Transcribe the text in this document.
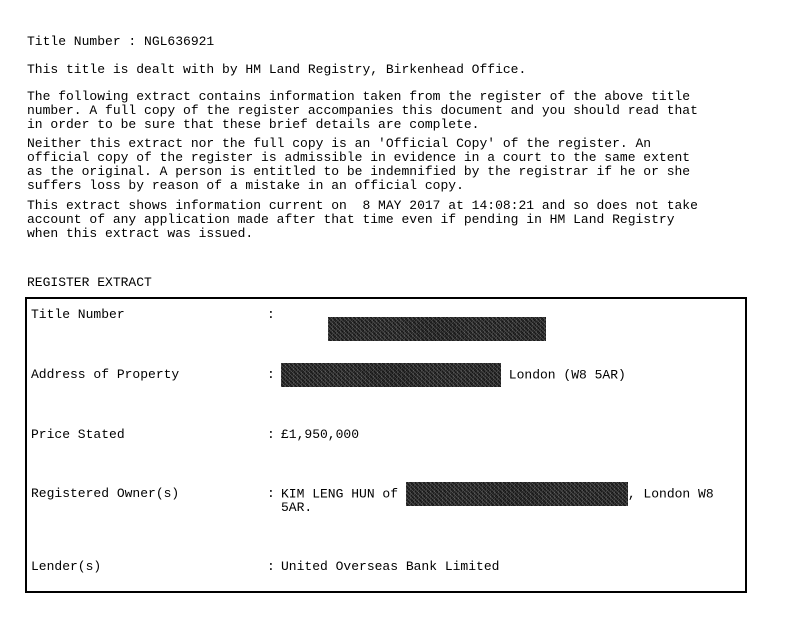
Title Number : NGL636921
This title is dealt with by HM Land Registry, Birkenhead Office.
The following extract contains information taken from the register of the above title
number. A full copy of the register accompanies this document and you should read that
in order to be sure that these brief details are complete.
Neither this extract nor the full copy is an 'Official Copy' of the register. An
official copy of the register is admissible in evidence in a court to the same extent
as the original. A person is entitled to be indemnified by the registrar if he or she
suffers loss by reason of a mistake in an official copy.
This extract shows information current on  8 MAY 2017 at 14:08:21 and so does not take
account of any application made after that time even if pending in HM Land Registry
when this extract was issued.
REGISTER EXTRACT
Title Number	:

Address of Property	:	London (W8 5AR)
Price Stated	: £1,950,000
Registered Owner(s)	: KIM LENG HUN of	, London W8
5AR.
Lender(s)	: United Overseas Bank Limited
